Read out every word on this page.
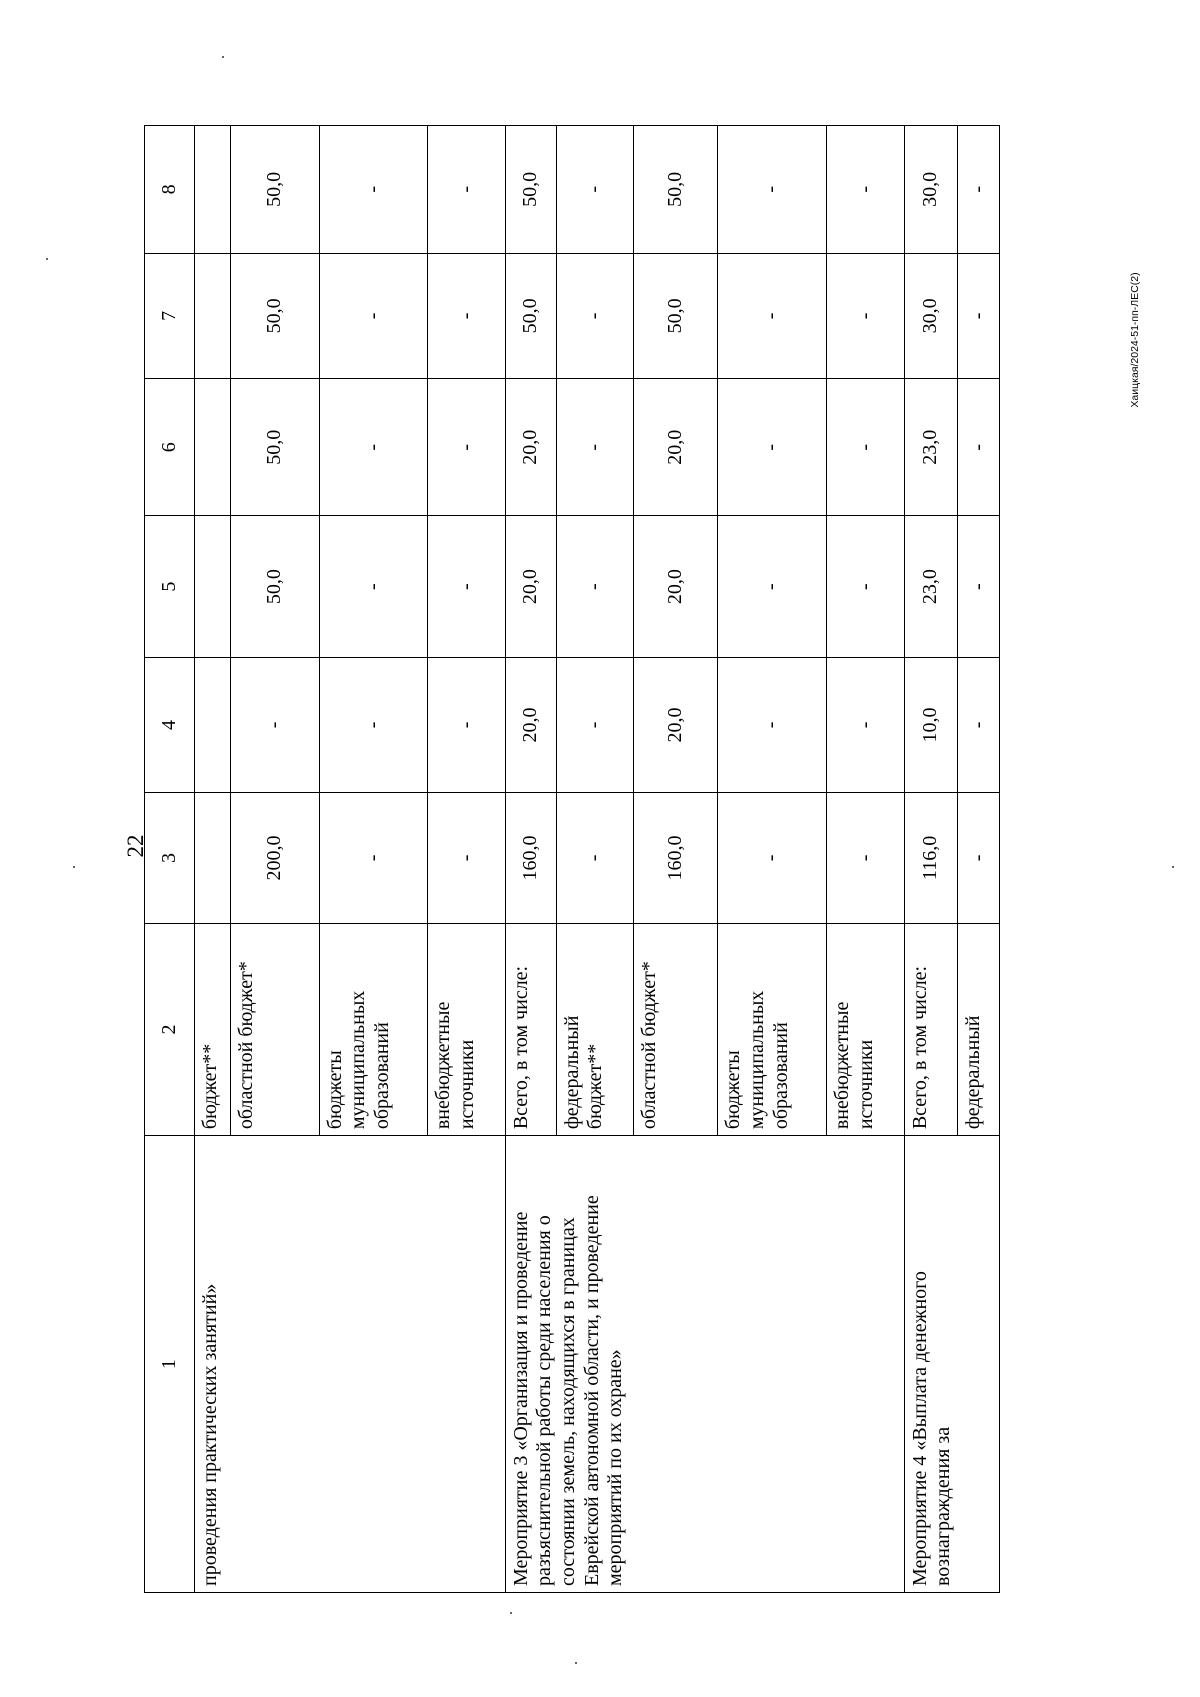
22
Хаицкая/2024-51-пп-ЛЕС(2)
1	2	3	4	5	6	7	8
проведения практических занятий»	бюджет**						
	областной бюджет*	200,0	-	50,0	50,0	50,0	50,0
	бюджеты муниципальных образований	-	-	-	-	-	-
	внебюджетные источники	-	-	-	-	-	-
Мероприятие 3 «Организация и проведение разъяснительной работы среди населения о состоянии земель, находящихся в границах Еврейской автономной области, и проведение мероприятий по их охране»	Всего, в том числе:	160,0	20,0	20,0	20,0	50,0	50,0
	федеральный бюджет**	-	-	-	-	-	-
	областной бюджет*	160,0	20,0	20,0	20,0	50,0	50,0
	бюджеты муниципальных образований	-	-	-	-	-	-
	внебюджетные источники	-	-	-	-	-	-
Мероприятие 4 «Выплата денежного вознаграждения за	Всего, в том числе:	116,0	10,0	23,0	23,0	30,0	30,0
	федеральный	-	-	-	-	-	-
